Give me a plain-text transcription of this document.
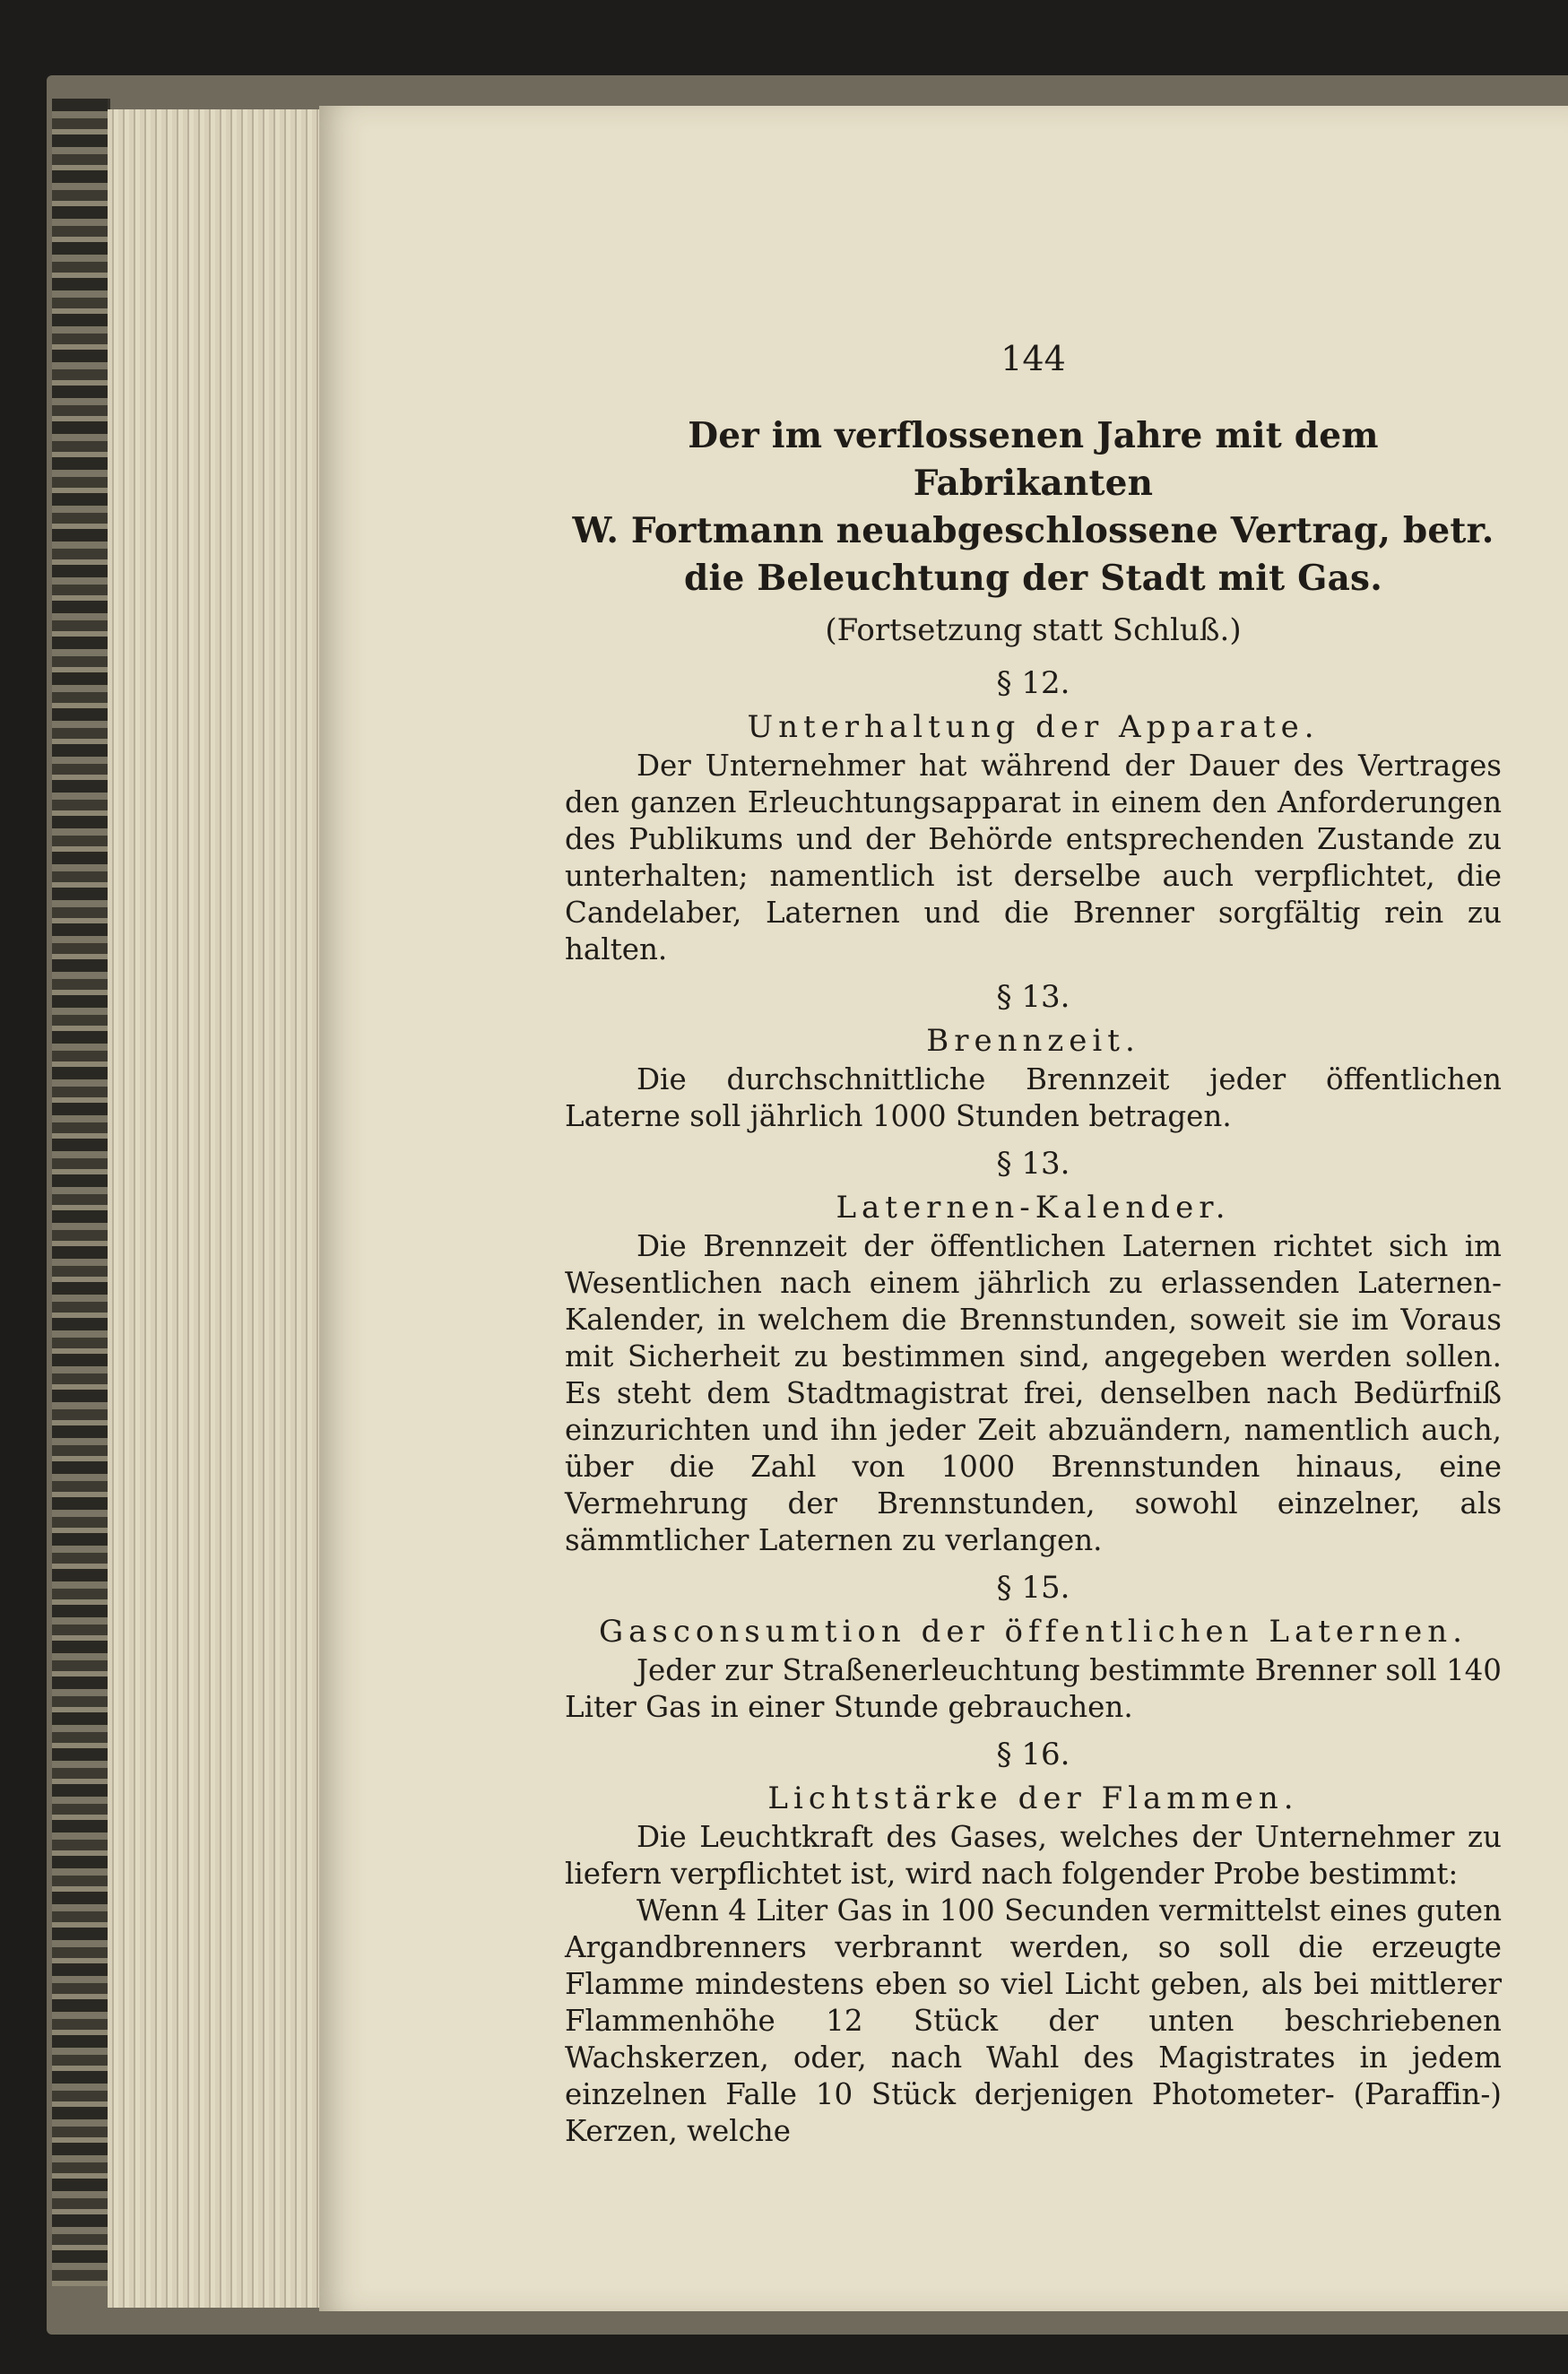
144
Der im verflossenen Jahre mit dem Fabrikanten
W. Fortmann neuabgeschlossene Vertrag, betr.
die Beleuchtung der Stadt mit Gas.
(Fortsetzung statt Schluß.)
§ 12.
Unterhaltung der Apparate.

Der Unternehmer hat während der Dauer des Vertrages den ganzen Erleuchtungsapparat in einem den Anforderungen des Publikums und der Behörde entsprechenden Zustande zu unterhalten; namentlich ist derselbe auch verpflichtet, die Candelaber, Laternen und die Brenner sorgfältig rein zu halten.

§ 13.
Brennzeit.

Die durchschnittliche Brennzeit jeder öffentlichen Laterne soll jährlich 1000 Stunden betragen.

§ 13.
Laternen-Kalender.

Die Brennzeit der öffentlichen Laternen richtet sich im Wesentlichen nach einem jährlich zu erlassenden Laternen-Kalender, in welchem die Brennstunden, soweit sie im Voraus mit Sicherheit zu bestimmen sind, angegeben werden sollen. Es steht dem Stadtmagistrat frei, denselben nach Bedürfniß einzurichten und ihn jeder Zeit abzuändern, namentlich auch, über die Zahl von 1000 Brennstunden hinaus, eine Vermehrung der Brennstunden, sowohl einzelner, als sämmtlicher Laternen zu verlangen.

§ 15.
Gasconsumtion der öffentlichen Laternen.

Jeder zur Straßenerleuchtung bestimmte Brenner soll 140 Liter Gas in einer Stunde gebrauchen.

§ 16.
Lichtstärke der Flammen.

Die Leuchtkraft des Gases, welches der Unternehmer zu liefern verpflichtet ist, wird nach folgender Probe bestimmt:

Wenn 4 Liter Gas in 100 Secunden vermittelst eines guten Argandbrenners verbrannt werden, so soll die erzeugte Flamme mindestens eben so viel Licht geben, als bei mittlerer Flammenhöhe 12 Stück der unten beschriebenen Wachskerzen, oder, nach Wahl des Magistrates in jedem einzelnen Falle 10 Stück derjenigen Photometer- (Paraffin-) Kerzen, welche
